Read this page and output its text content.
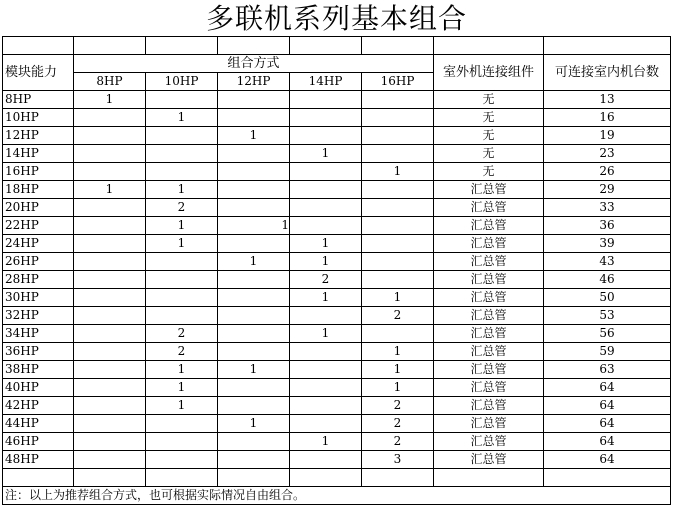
多联机系列基本组合

模块能力	组合方式					室外机连接组件	可连接室内机台数
	8HP	10HP	12HP	14HP	16HP		
8HP	1					无	13
10HP		1				无	16
12HP			1			无	19
14HP				1		无	23
16HP					1	无	26
18HP	1	1				汇总管	29
20HP		2				汇总管	33
22HP		1	1			汇总管	36
24HP		1		1		汇总管	39
26HP			1	1		汇总管	43
28HP				2		汇总管	46
30HP				1	1	汇总管	50
32HP					2	汇总管	53
34HP		2		1		汇总管	56
36HP		2			1	汇总管	59
38HP		1	1		1	汇总管	63
40HP		1			1	汇总管	64
42HP		1			2	汇总管	64
44HP			1		2	汇总管	64
46HP				1	2	汇总管	64
48HP					3	汇总管	64

注：以上为推荐组合方式，也可根据实际情况自由组合。							
